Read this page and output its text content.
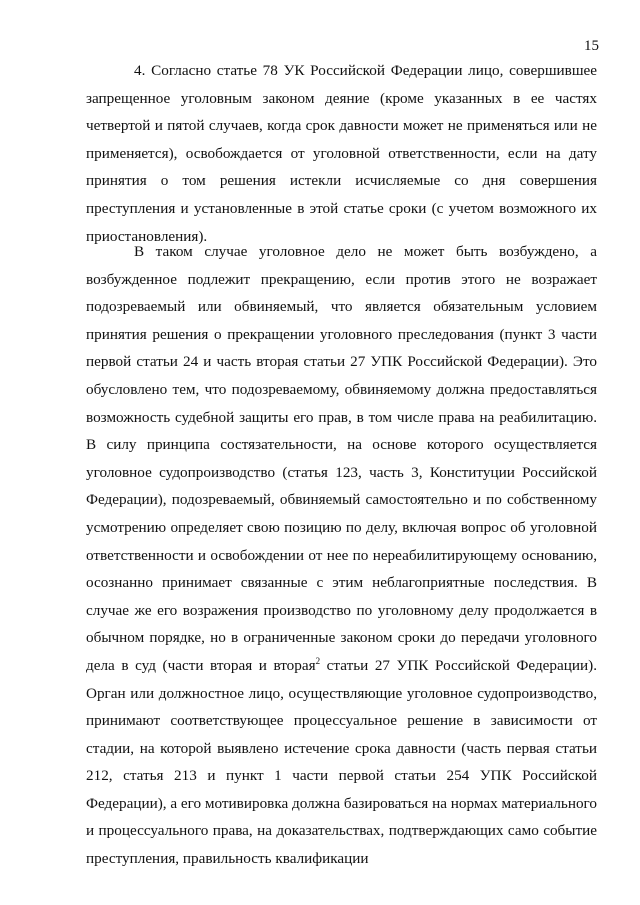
15

4. Согласно статье 78 УК Российской Федерации лицо, совершившее запрещенное уголовным законом деяние (кроме указанных в ее частях четвертой и пятой случаев, когда срок давности может не применяться или не применяется), освобождается от уголовной ответственности, если на дату принятия о том решения истекли исчисляемые со дня совершения преступления и установленные в этой статье сроки (с учетом возможного их приостановления).

В таком случае уголовное дело не может быть возбуждено, а возбужденное подлежит прекращению, если против этого не возражает подозреваемый или обвиняемый, что является обязательным условием принятия решения о прекращении уголовного преследования (пункт 3 части первой статьи 24 и часть вторая статьи 27 УПК Российской Федерации). Это обусловлено тем, что подозреваемому, обвиняемому должна предоставляться возможность судебной защиты его прав, в том числе права на реабилитацию. В силу принципа состязательности, на основе которого осуществляется уголовное судопроизводство (статья 123, часть 3, Конституции Российской Федерации), подозреваемый, обвиняемый самостоятельно и по собственному усмотрению определяет свою позицию по делу, включая вопрос об уголовной ответственности и освобождении от нее по нереабилитирующему основанию, осознанно принимает связанные с этим неблагоприятные последствия. В случае же его возражения производство по уголовному делу продолжается в обычном порядке, но в ограниченные законом сроки до передачи уголовного дела в суд (части вторая и вторая$^2$ статьи 27 УПК Российской Федерации). Орган или должностное лицо, осуществляющие уголовное судопроизводство, принимают соответствующее процессуальное решение в зависимости от стадии, на которой выявлено истечение срока давности (часть первая статьи 212, статья 213 и пункт 1 части первой статьи 254 УПК Российской Федерации), а его мотивировка должна базироваться на нормах материального и процессуального права, на доказательствах, подтверждающих само событие преступления, правильность квалификации
